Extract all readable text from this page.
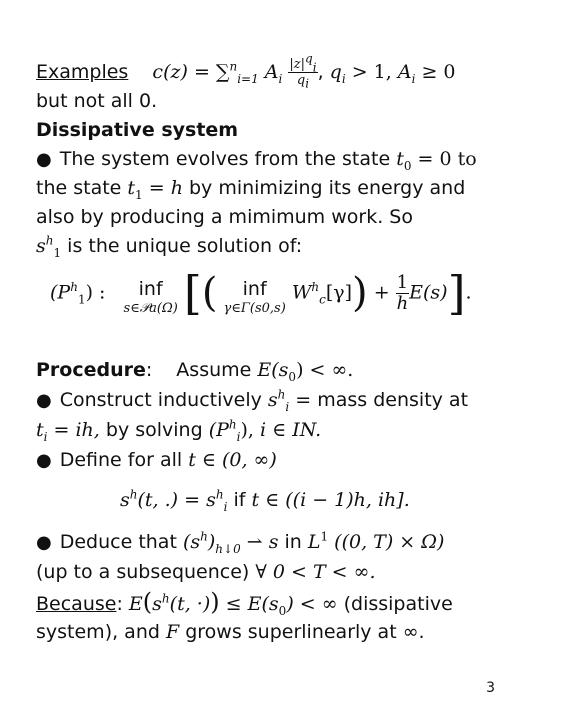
Examples c(z) = ∑$^n_{i=1}$ $A_i \frac{|z|^q_i}{q_i}$ , $q_i > 1$, $A_i \ge 0$
but not all 0.
Dissipative system
● The system evolves from the state $t_0 = 0$ to
the state $t_1 = h$ by minimizing its energy and
also by producing a mimimum work. So
$s^h_1$ is the unique solution of:
$(P^h_1)$ :	inf
s∈𝒫a(Ω) [(	inf
γ∈Γ(s0,s)
$W^h_c[\gamma]) + \frac{1}{h} E(s)$].
Procedure: Assume $E(s_0)$ < ∞.
● Construct inductively $s^h_i$ = mass density at
$t_i$ = ih, by solving $(P^h_i)$, i ∈ IN.
● Define for all t ∈ (0, ∞)
$s^h(t$, .) = $s^h_i$ if t ∈ ((i − 1)h, ih].
● Deduce that $(s^h)_{h↓0}$ ⇀ s in $L^1$ ((0, T) × Ω)
(up to a subsequence) ∀ 0 < T < ∞.
Because: $E(s^h(t$, ·)) ≤ $E(s_0)$ < ∞ (dissipative
system), and F grows superlinearly at ∞.
3
